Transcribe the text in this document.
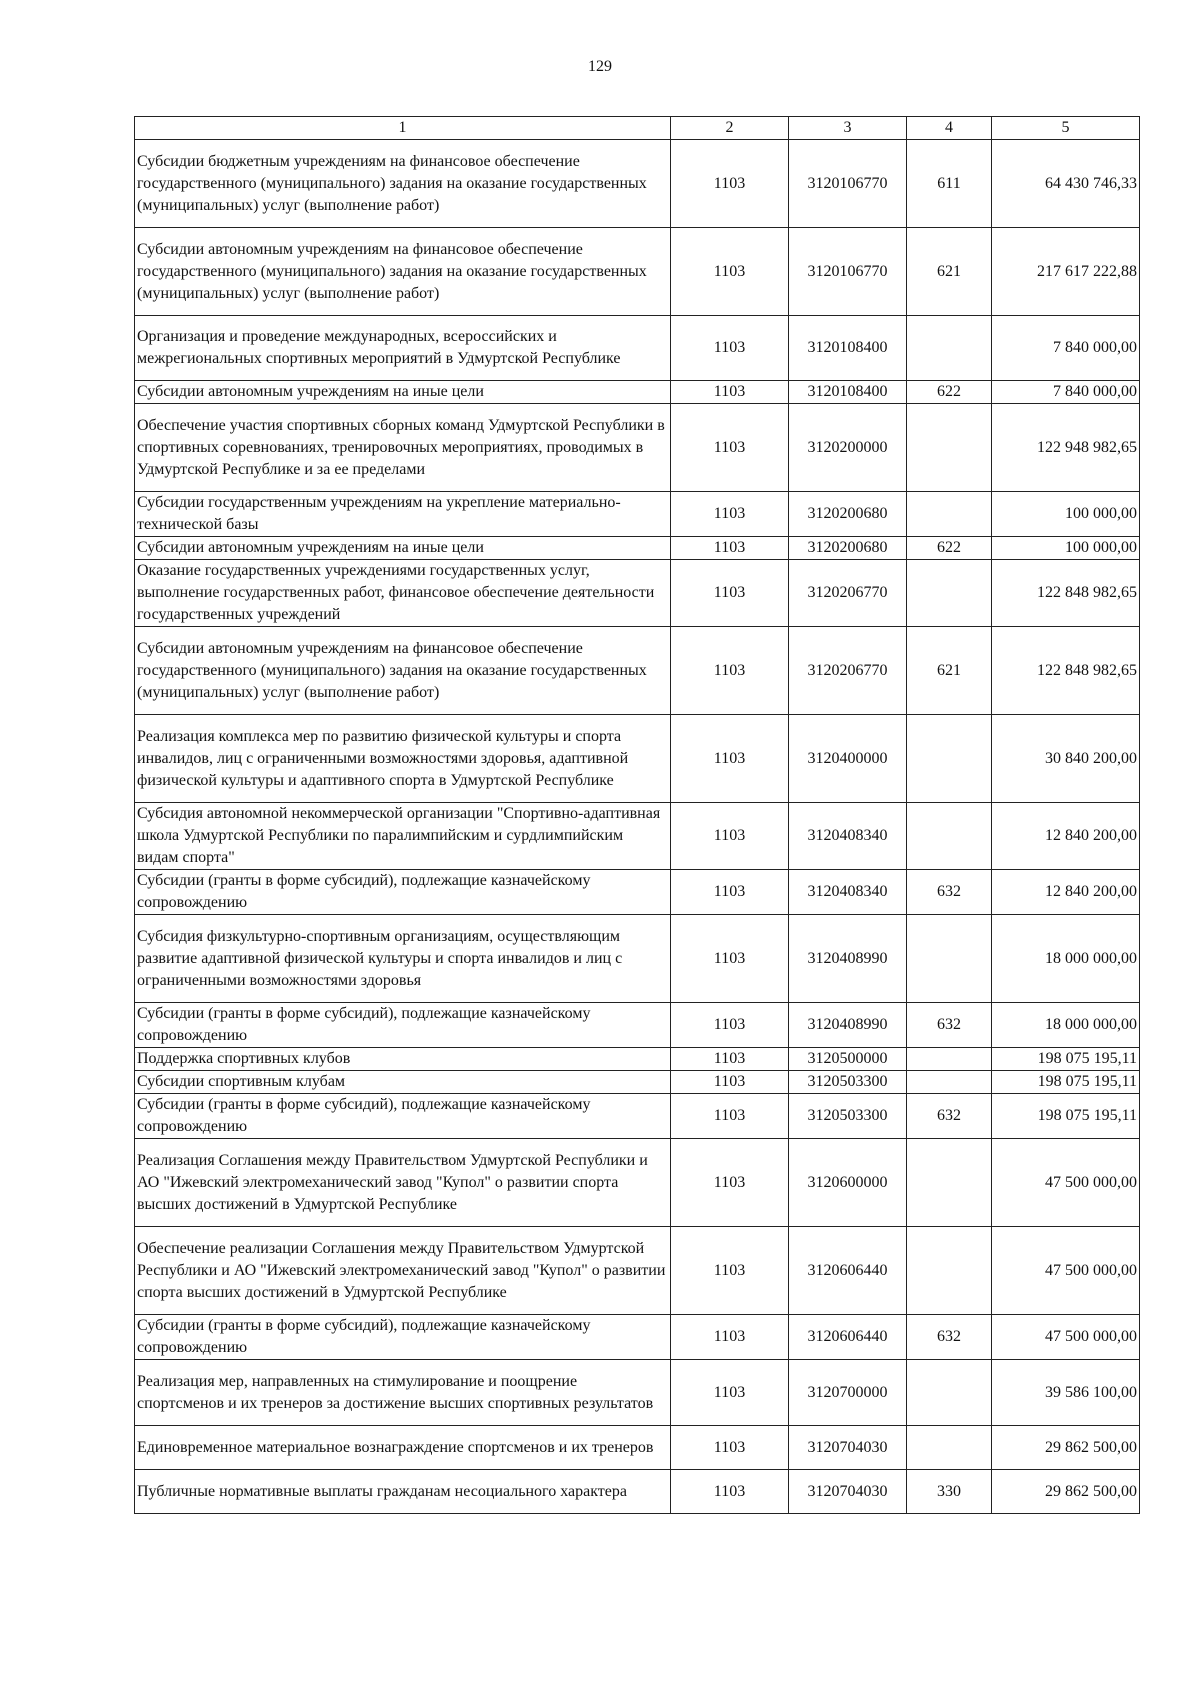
129
1	2	3	4	5
Субсидии бюджетным учреждениям на финансовое обеспечение государственного (муниципального) задания на оказание государственных (муниципальных) услуг (выполнение работ)	1103	3120106770	611	64 430 746,33
Субсидии автономным учреждениям на финансовое обеспечение государственного (муниципального) задания на оказание государственных (муниципальных) услуг (выполнение работ)	1103	3120106770	621	217 617 222,88
Организация и проведение международных, всероссийских и межрегиональных спортивных мероприятий в Удмуртской Республике	1103	3120108400		7 840 000,00
Субсидии автономным учреждениям на иные цели	1103	3120108400	622	7 840 000,00
Обеспечение участия спортивных сборных команд Удмуртской Республики в спортивных соревнованиях, тренировочных мероприятиях, проводимых в Удмуртской Республике и за ее пределами	1103	3120200000		122 948 982,65
Субсидии государственным учреждениям на укрепление материально-технической базы	1103	3120200680		100 000,00
Субсидии автономным учреждениям на иные цели	1103	3120200680	622	100 000,00
Оказание государственных учреждениями государственных услуг, выполнение государственных работ, финансовое обеспечение деятельности государственных учреждений	1103	3120206770		122 848 982,65
Субсидии автономным учреждениям на финансовое обеспечение государственного (муниципального) задания на оказание государственных (муниципальных) услуг (выполнение работ)	1103	3120206770	621	122 848 982,65
Реализация комплекса мер по развитию физической культуры и спорта инвалидов, лиц с ограниченными возможностями здоровья, адаптивной физической культуры и адаптивного спорта в Удмуртской Республике	1103	3120400000		30 840 200,00
Субсидия автономной некоммерческой организации "Спортивно-адаптивная школа Удмуртской Республики по паралимпийским и сурдлимпийским видам спорта"	1103	3120408340		12 840 200,00
Субсидии (гранты в форме субсидий), подлежащие казначейскому сопровождению	1103	3120408340	632	12 840 200,00
Субсидия физкультурно-спортивным организациям, осуществляющим развитие адаптивной физической культуры и спорта инвалидов и лиц с ограниченными возможностями здоровья	1103	3120408990		18 000 000,00
Субсидии (гранты в форме субсидий), подлежащие казначейскому сопровождению	1103	3120408990	632	18 000 000,00
Поддержка спортивных клубов	1103	3120500000		198 075 195,11
Субсидии спортивным клубам	1103	3120503300		198 075 195,11
Субсидии (гранты в форме субсидий), подлежащие казначейскому сопровождению	1103	3120503300	632	198 075 195,11
Реализация Соглашения между Правительством Удмуртской Республики и АО "Ижевский электромеханический завод "Купол" о развитии спорта высших достижений в Удмуртской Республике	1103	3120600000		47 500 000,00
Обеспечение реализации Соглашения между Правительством Удмуртской Республики и АО "Ижевский электромеханический завод "Купол" о развитии спорта высших достижений в Удмуртской Республике	1103	3120606440		47 500 000,00
Субсидии (гранты в форме субсидий), подлежащие казначейскому сопровождению	1103	3120606440	632	47 500 000,00
Реализация мер, направленных на стимулирование и поощрение спортсменов и их тренеров за достижение высших спортивных результатов	1103	3120700000		39 586 100,00
Единовременное материальное вознаграждение спортсменов и их тренеров	1103	3120704030		29 862 500,00
Публичные нормативные выплаты гражданам несоциального характера	1103	3120704030	330	29 862 500,00
